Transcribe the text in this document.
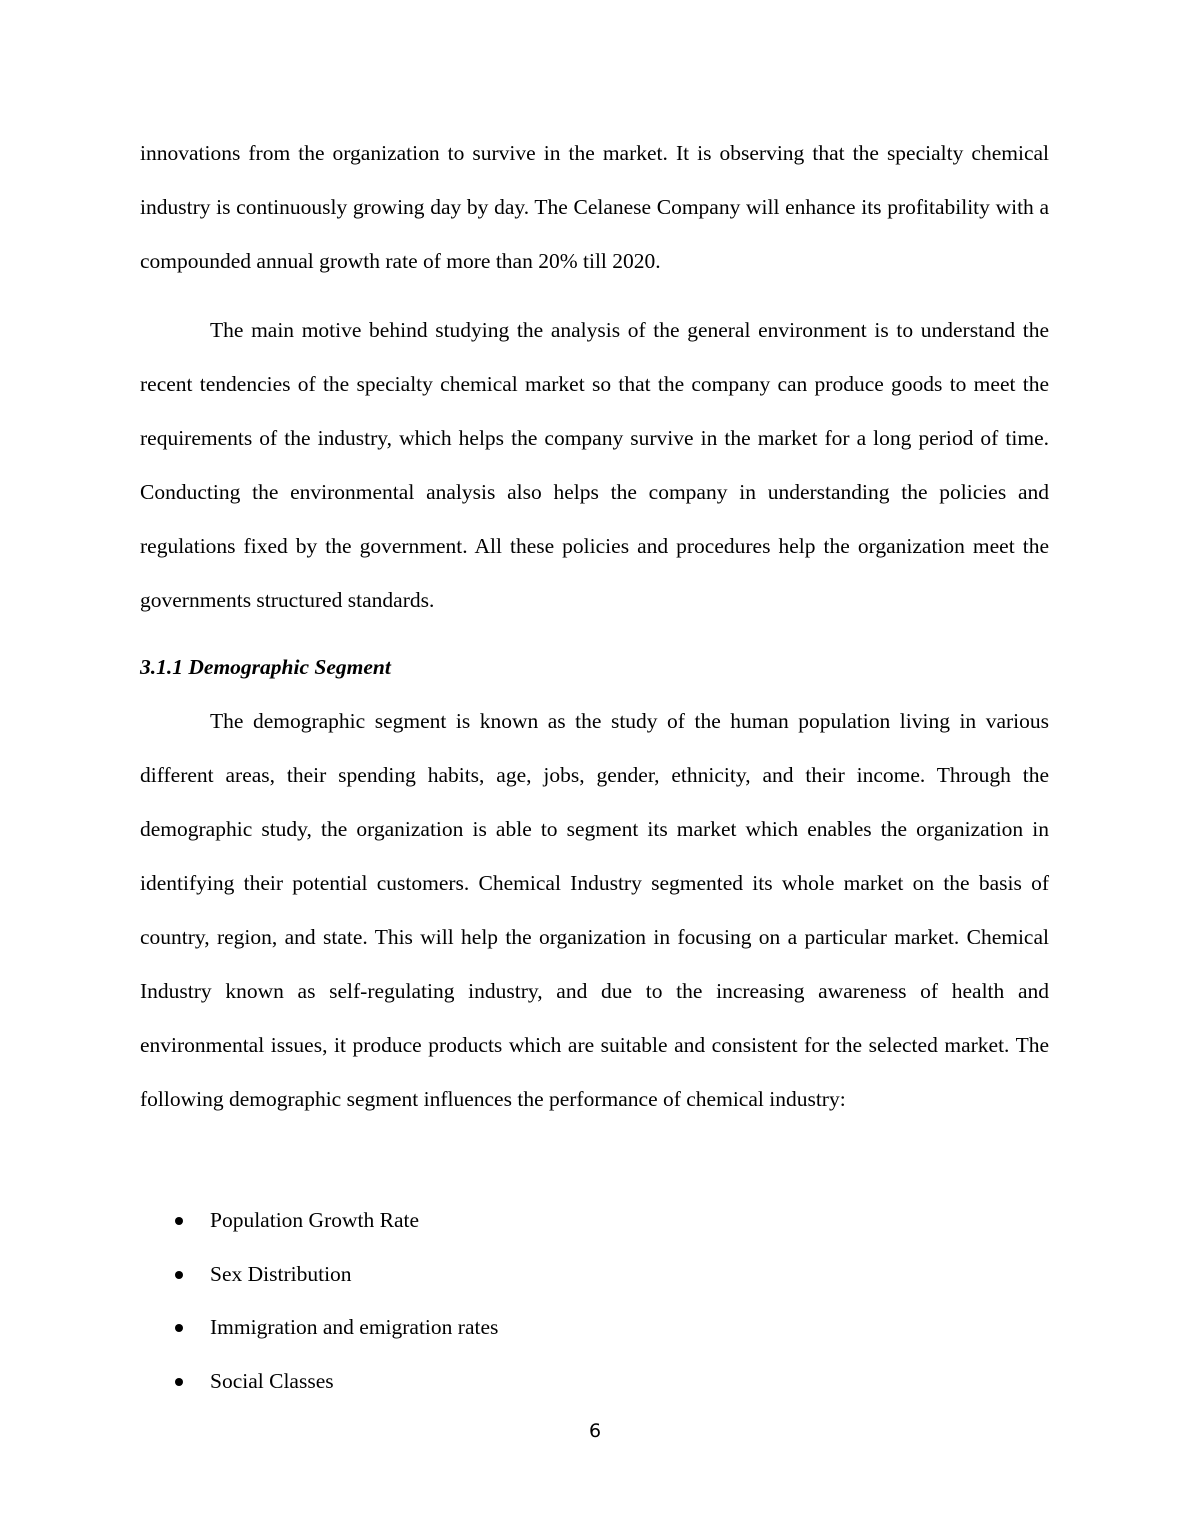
innovations from the organization to survive in the market. It is observing that the specialty chemical industry is continuously growing day by day. The Celanese Company will enhance its profitability with a compounded annual growth rate of more than 20% till 2020.

The main motive behind studying the analysis of the general environment is to understand the recent tendencies of the specialty chemical market so that the company can produce goods to meet the requirements of the industry, which helps the company survive in the market for a long period of time. Conducting the environmental analysis also helps the company in understanding the policies and regulations fixed by the government. All these policies and procedures help the organization meet the governments structured standards.

3.1.1 Demographic Segment

The demographic segment is known as the study of the human population living in various different areas, their spending habits, age, jobs, gender, ethnicity, and their income. Through the demographic study, the organization is able to segment its market which enables the organization in identifying their potential customers. Chemical Industry segmented its whole market on the basis of country, region, and state. This will help the organization in focusing on a particular market. Chemical Industry known as self-regulating industry, and due to the increasing awareness of health and environmental issues, it produce products which are suitable and consistent for the selected market. The following demographic segment influences the performance of chemical industry:

Population Growth Rate
Sex Distribution
Immigration and emigration rates
Social Classes

6
